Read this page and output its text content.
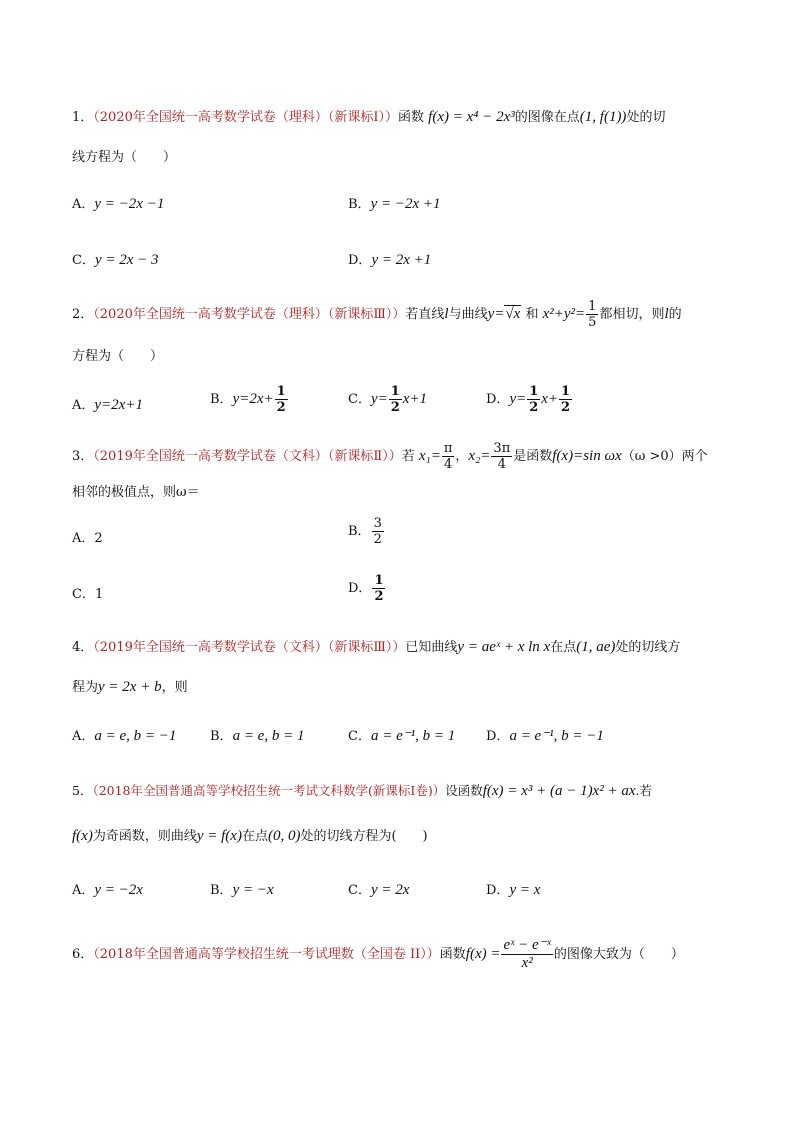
1．（2020年全国统一高考数学试卷（理科）（新课标Ⅰ））函数 f(x) = x⁴ − 2x³的图像在点(1, f(1))处的切
线方程为（　　）
A．y = −2x −1	B．y = −2x +1
C．y = 2x − 3	D．y = 2x +1
2．（2020年全国统一高考数学试卷（理科）（新课标Ⅲ））若直线l与曲线y=√x 和 $x^2+y^2= \frac{1}{5}$ 都相切，则l的
方程为（　　）
A．y=2x+1	B．$y=2x+ \frac{1}{2}$	C．$y= \frac{1}{2} x+1$	D．$y= \frac{1}{2} x+ \frac{1}{2}$
3．（2019年全国统一高考数学试卷（文科）（新课标Ⅱ））若 $x_1= \frac{\pi}{4}$ ，$x_2= \frac{3\pi}{4}$ 是函数f(x)=sin ωx（ω >0）两个
相邻的极值点，则ω＝
A．2	B． $\frac{3}{2}$
C．1	D． $\frac{1}{2}$
4．（2019年全国统一高考数学试卷（文科）（新课标Ⅲ））已知曲线y = aeˣ + x ln x在点(1, ae)处的切线方
程为y = 2x + b，则
A．a = e, b = −1	B．a = e, b = 1	C．a = e⁻¹, b = 1 D．a = e⁻¹, b = −1
5．（2018年全国普通高等学校招生统一考试文科数学(新课标Ⅰ卷)）设函数f(x) = x³ + (a − 1)x² + ax.若
f(x)为奇函数，则曲线y = f(x)在点(0, 0)处的切线方程为(　　)
A．y = −2x	B．y = −x	C．y = 2x	D．y = x
6．（2018年全国普通高等学校招生统一考试理数（全国卷 II））函数$f(x) = \frac{\text{eˣ − e⁻ˣ}}{\text{x²}}$ 的图像大致为（　　）
